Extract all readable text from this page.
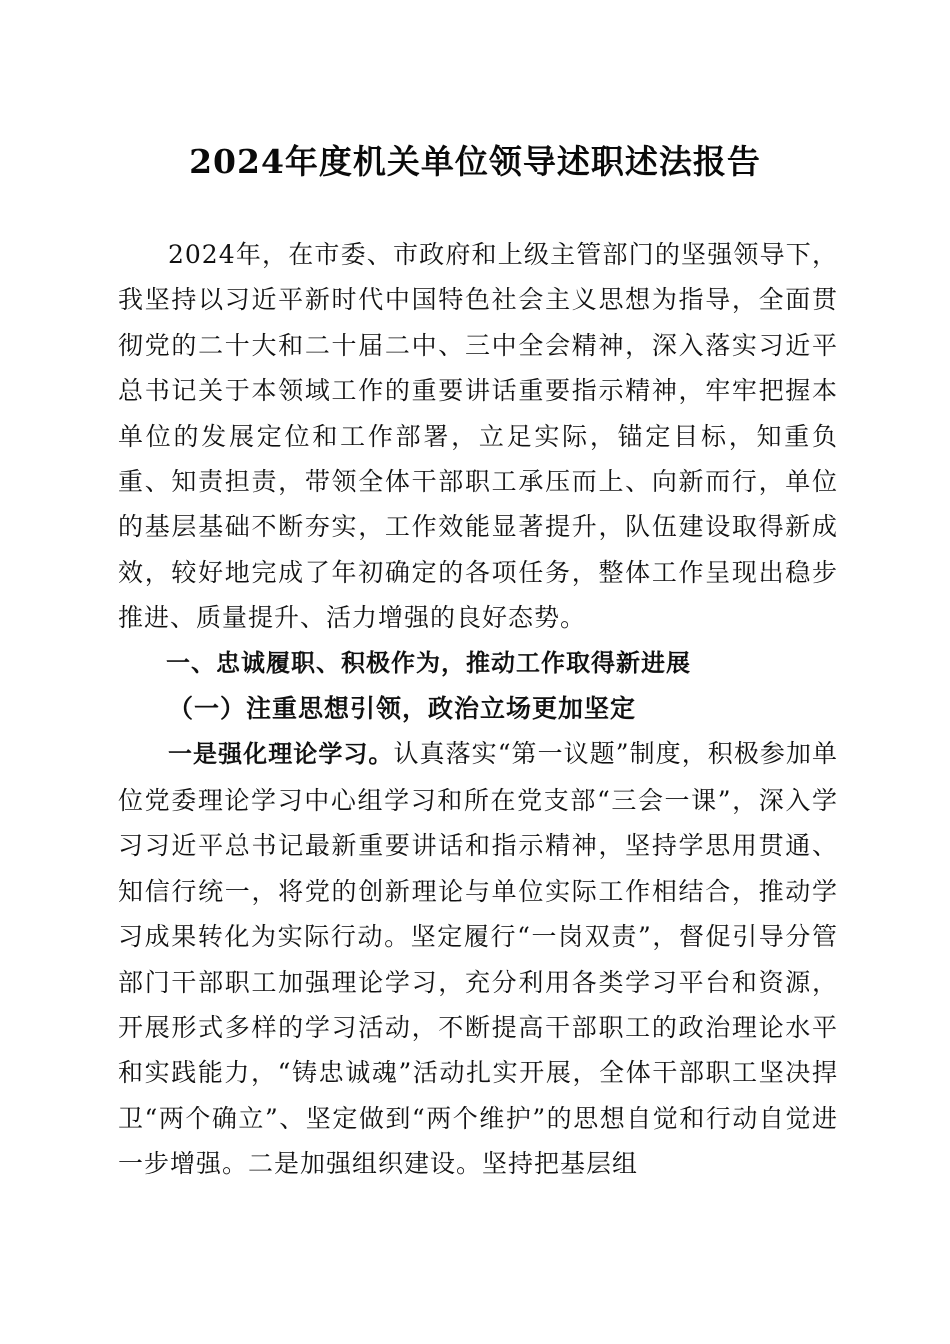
2024年度机关单位领导述职述法报告

2024年，在市委、市政府和上级主管部门的坚强领导下，我坚持以习近平新时代中国特色社会主义思想为指导，全面贯彻党的二十大和二十届二中、三中全会精神，深入落实习近平总书记关于本领域工作的重要讲话重要指示精神，牢牢把握本单位的发展定位和工作部署，立足实际，锚定目标，知重负重、知责担责，带领全体干部职工承压而上、向新而行，单位的基层基础不断夯实，工作效能显著提升，队伍建设取得新成效，较好地完成了年初确定的各项任务，整体工作呈现出稳步推进、质量提升、活力增强的良好态势。

一、忠诚履职、积极作为，推动工作取得新进展

（一）注重思想引领，政治立场更加坚定

一是强化理论学习。认真落实“第一议题”制度，积极参加单位党委理论学习中心组学习和所在党支部“三会一课”，深入学习习近平总书记最新重要讲话和指示精神，坚持学思用贯通、知信行统一，将党的创新理论与单位实际工作相结合，推动学习成果转化为实际行动。坚定履行“一岗双责”，督促引导分管部门干部职工加强理论学习，充分利用各类学习平台和资源，开展形式多样的学习活动，不断提高干部职工的政治理论水平和实践能力，“铸忠诚魂”活动扎实开展，全体干部职工坚决捍卫“两个确立”、坚定做到“两个维护”的思想自觉和行动自觉进一步增强。二是加强组织建设。坚持把基层组
